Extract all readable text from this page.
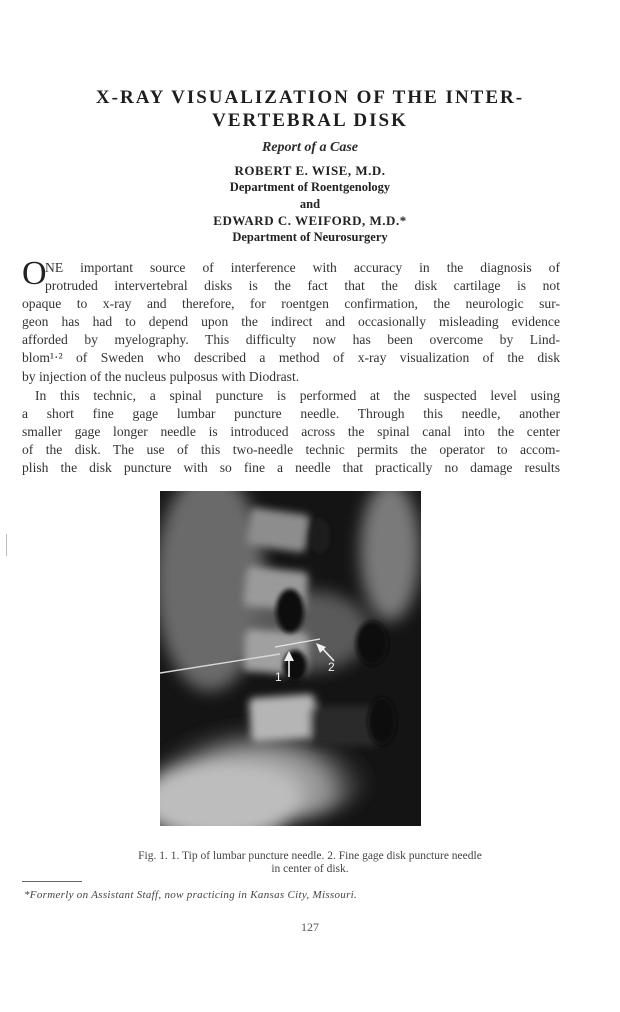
X-RAY VISUALIZATION OF THE INTER-
VERTEBRAL DISK
Report of a Case
ROBERT E. WISE, M.D.
Department of Roentgenology
and
EDWARD C. WEIFORD, M.D.*
Department of Neurosurgery
O
NE important source of interference with accuracy in the diagnosis of
protruded intervertebral disks is the fact that the disk cartilage is not
opaque to x-ray and therefore, for roentgen confirmation, the neurologic sur-
geon has had to depend upon the indirect and occasionally misleading evidence
afforded by myelography. This difficulty now has been overcome by Lind-
blom¹·² of Sweden who described a method of x-ray visualization of the disk
by injection of the nucleus pulposus with Diodrast.
In this technic, a spinal puncture is performed at the suspected level using
a short fine gage lumbar puncture needle. Through this needle, another
smaller gage longer needle is introduced across the spinal canal into the center
of the disk. The use of this two-needle technic permits the operator to accom-
plish the disk puncture with so fine a needle that practically no damage results
1
2
Fig. 1. 1. Tip of lumbar puncture needle. 2. Fine gage disk puncture needle
in center of disk.
*Formerly on Assistant Staff, now practicing in Kansas City, Missouri.
127
